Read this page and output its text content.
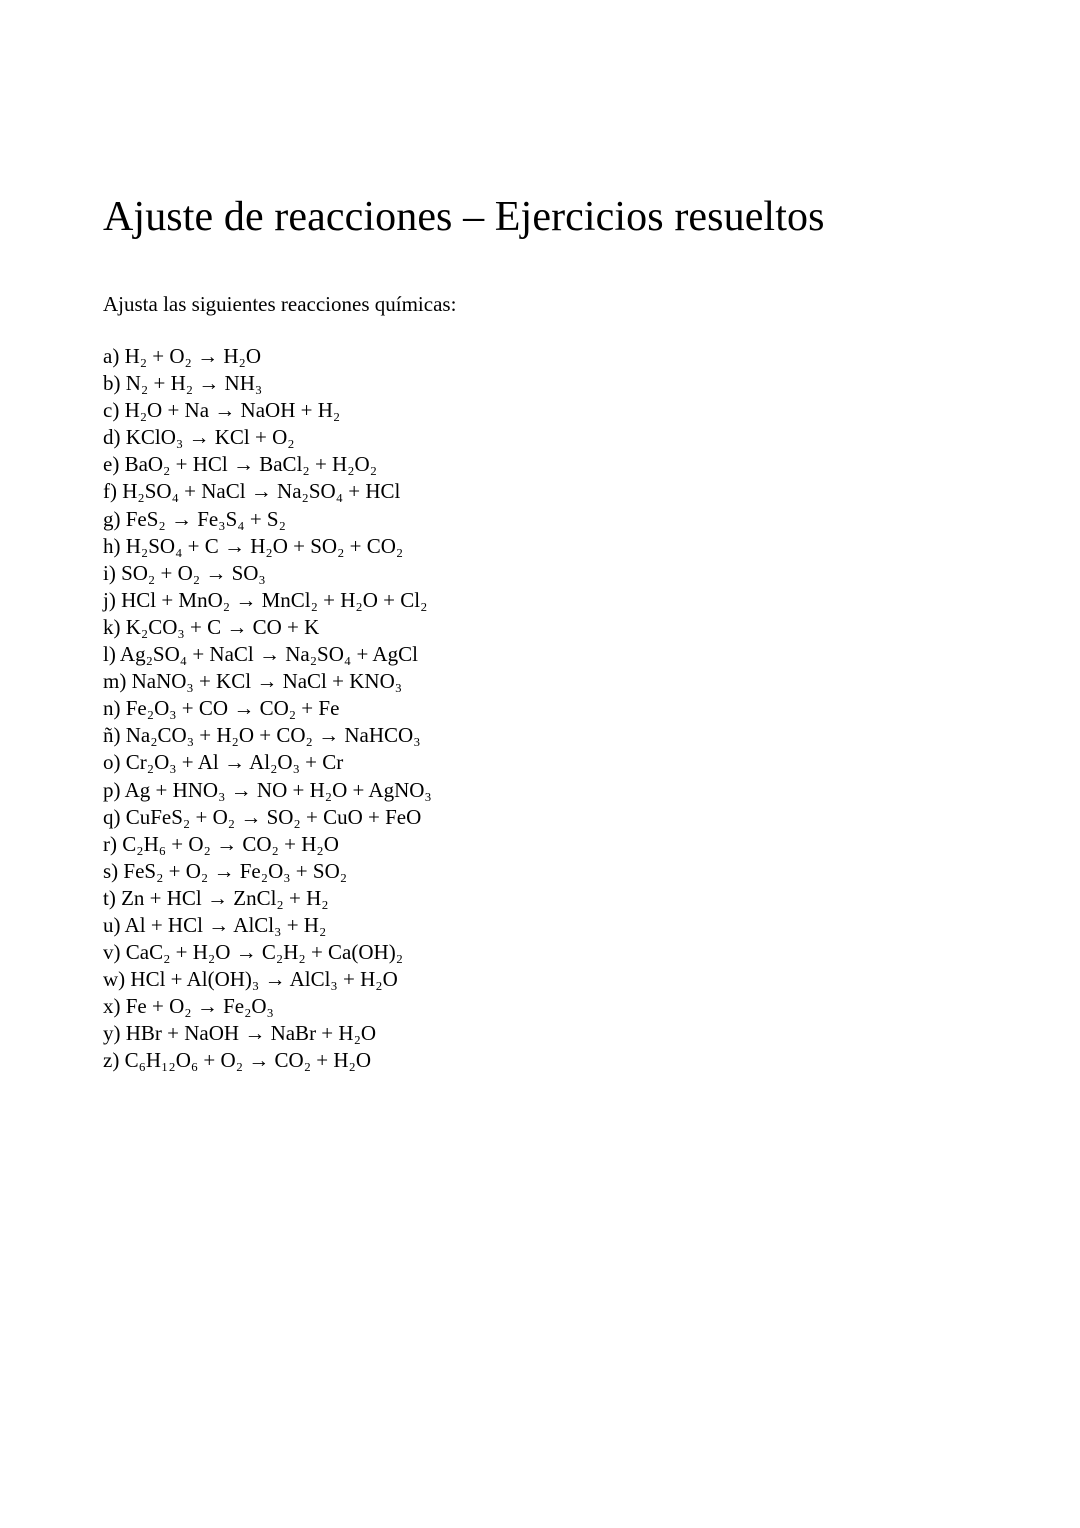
Ajuste de reacciones – Ejercicios resueltos

Ajusta las siguientes reacciones químicas:

a) H₂ + O₂ → H₂O
b) N₂ + H₂ → NH₃
c) H₂O + Na → NaOH + H₂
d) KClO₃ → KCl + O₂
e) BaO₂ + HCl → BaCl₂ + H₂O₂
f) H₂SO₄ + NaCl → Na₂SO₄ + HCl
g) FeS₂ → Fe₃S₄ + S₂
h) H₂SO₄ + C → H₂O + SO₂ + CO₂
i) SO₂ + O₂ → SO₃
j) HCl + MnO₂ → MnCl₂ + H₂O + Cl₂
k) K₂CO₃ + C → CO + K
l) Ag₂SO₄ + NaCl → Na₂SO₄ + AgCl
m) NaNO₃ + KCl → NaCl + KNO₃
n) Fe₂O₃ + CO → CO₂ + Fe
ñ) Na₂CO₃ + H₂O + CO₂ → NaHCO₃
o) Cr₂O₃ + Al → Al₂O₃ + Cr
p) Ag + HNO₃ → NO + H₂O + AgNO₃
q) CuFeS₂ + O₂ → SO₂ + CuO + FeO
r) C₂H₆ + O₂ → CO₂ + H₂O
s) FeS₂ + O₂ → Fe₂O₃ + SO₂
t) Zn + HCl → ZnCl₂ + H₂
u) Al + HCl → AlCl₃ + H₂
v) CaC₂ + H₂O → C₂H₂ + Ca(OH)₂
w) HCl + Al(OH)₃ → AlCl₃ + H₂O
x) Fe + O₂ → Fe₂O₃
y) HBr + NaOH → NaBr + H₂O
z) C₆H₁₂O₆ + O₂ → CO₂ + H₂O
